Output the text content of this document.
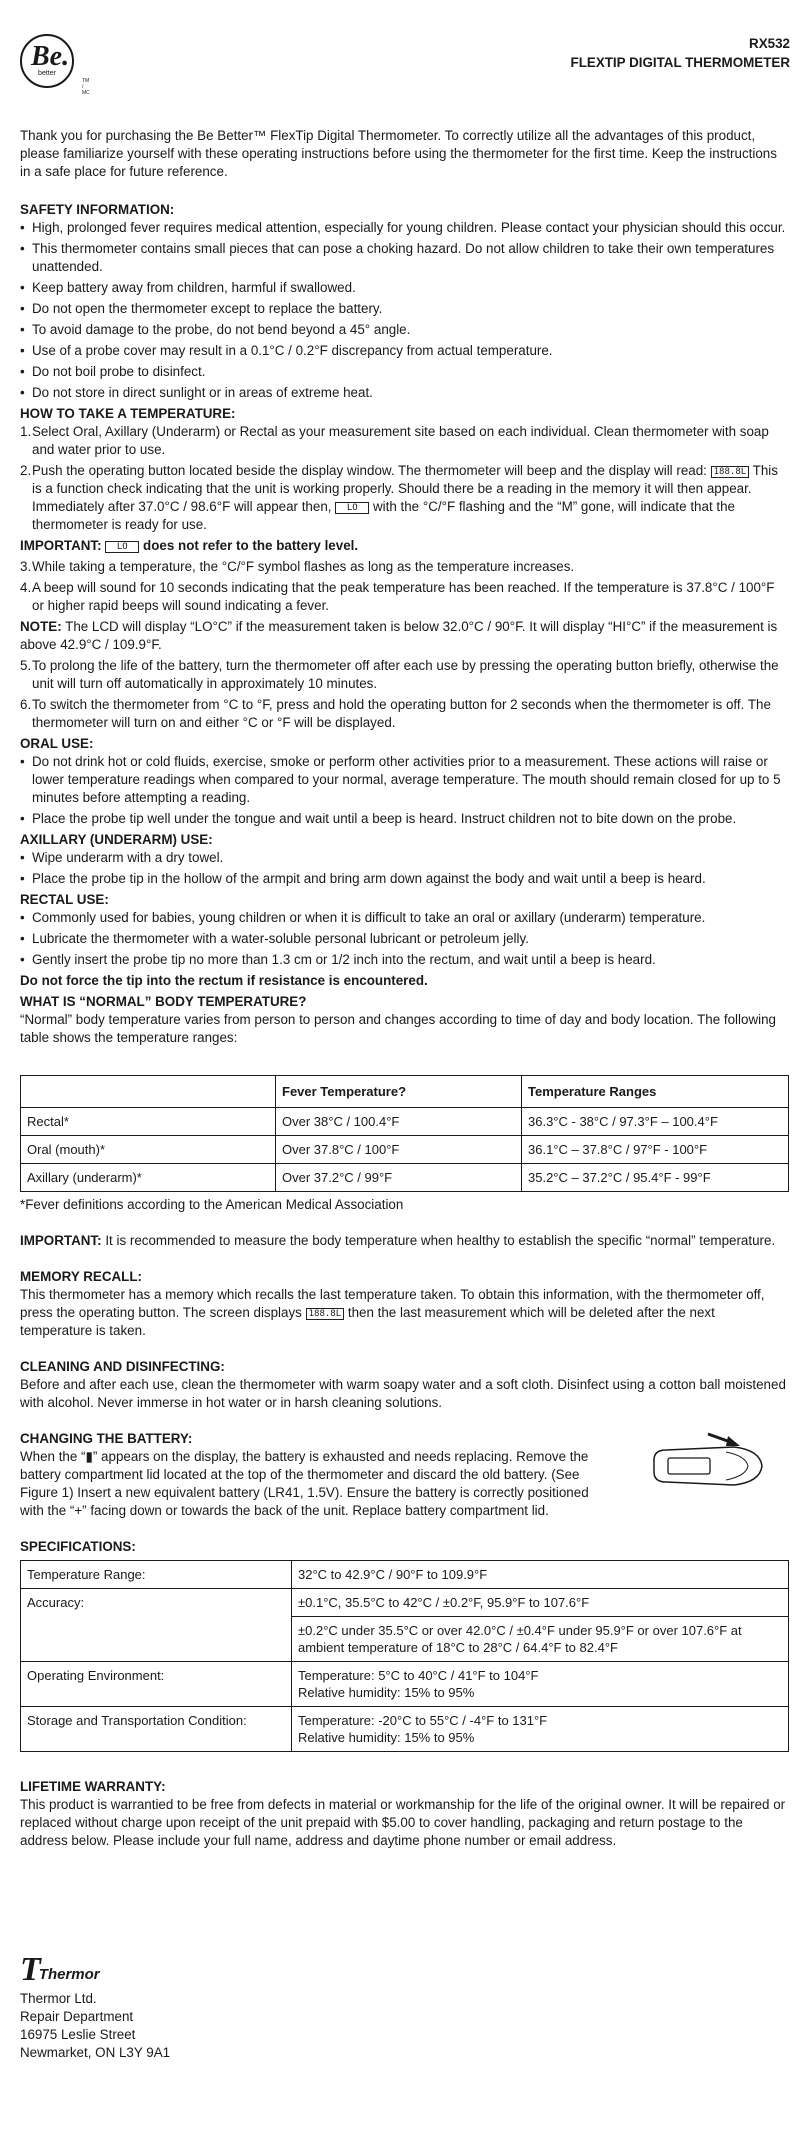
Be.
better
TM / MC
RX532
FLEXTIP DIGITAL THERMOMETER

Thank you for purchasing the Be Better™ FlexTip Digital Thermometer. To correctly utilize all the advantages of this product, please familiarize yourself with these operating instructions before using the thermometer for the first time. Keep the instructions in a safe place for future reference.

SAFETY INFORMATION:
• High, prolonged fever requires medical attention, especially for young children. Please contact your physician should this occur.
• This thermometer contains small pieces that can pose a choking hazard. Do not allow children to take their own temperatures unattended.
• Keep battery away from children, harmful if swallowed.
• Do not open the thermometer except to replace the battery.
• To avoid damage to the probe, do not bend beyond a 45° angle.
• Use of a probe cover may result in a 0.1°C / 0.2°F discrepancy from actual temperature.
• Do not boil probe to disinfect.
• Do not store in direct sunlight or in areas of extreme heat.
HOW TO TAKE A TEMPERATURE:
1. Select Oral, Axillary (Underarm) or Rectal as your measurement site based on each individual. Clean thermometer with soap and water prior to use.
2. Push the operating button located beside the display window. The thermometer will beep and the display will read: 188.8L This is a function check indicating that the unit is working properly. Should there be a reading in the memory it will then appear. Immediately after 37.0°C / 98.6°F will appear then, LO with the °C/°F flashing and the “M” gone, will indicate that the thermometer is ready for use.

IMPORTANT: LO does not refer to the battery level.

3. While taking a temperature, the °C/°F symbol flashes as long as the temperature increases.
4. A beep will sound for 10 seconds indicating that the peak temperature has been reached. If the temperature is 37.8°C / 100°F or higher rapid beeps will sound indicating a fever.

NOTE: The LCD will display “LO°C” if the measurement taken is below 32.0°C / 90°F. It will display “HI°C” if the measurement is above 42.9°C / 109.9°F.

5. To prolong the life of the battery, turn the thermometer off after each use by pressing the operating button briefly, otherwise the unit will turn off automatically in approximately 10 minutes.
6. To switch the thermometer from °C to °F, press and hold the operating button for 2 seconds when the thermometer is off. The thermometer will turn on and either °C or °F will be displayed.
ORAL USE:
• Do not drink hot or cold fluids, exercise, smoke or perform other activities prior to a measurement. These actions will raise or lower temperature readings when compared to your normal, average temperature. The mouth should remain closed for up to 5 minutes before attempting a reading.
• Place the probe tip well under the tongue and wait until a beep is heard. Instruct children not to bite down on the probe.
AXILLARY (UNDERARM) USE:
• Wipe underarm with a dry towel.
• Place the probe tip in the hollow of the armpit and bring arm down against the body and wait until a beep is heard.
RECTAL USE:
• Commonly used for babies, young children or when it is difficult to take an oral or axillary (underarm) temperature.
• Lubricate the thermometer with a water-soluble personal lubricant or petroleum jelly.
• Gently insert the probe tip no more than 1.3 cm or 1/2 inch into the rectum, and wait until a beep is heard.

Do not force the tip into the rectum if resistance is encountered.

WHAT IS “NORMAL” BODY TEMPERATURE?

“Normal” body temperature varies from person to person and changes according to time of day and body location. The following table shows the temperature ranges:

	Fever Temperature?	Temperature Ranges
Rectal*	Over 38°C / 100.4°F	36.3°C - 38°C / 97.3°F – 100.4°F
Oral (mouth)*	Over 37.8°C / 100°F	36.1°C – 37.8°C / 97°F - 100°F
Axillary (underarm)*	Over 37.2°C / 99°F	35.2°C – 37.2°C / 95.4°F - 99°F

*Fever definitions according to the American Medical Association

IMPORTANT: It is recommended to measure the body temperature when healthy to establish the specific “normal” temperature.

MEMORY RECALL:

This thermometer has a memory which recalls the last temperature taken. To obtain this information, with the thermometer off, press the operating button. The screen displays 188.8L then the last measurement which will be deleted after the next temperature is taken.

CLEANING AND DISINFECTING:

Before and after each use, clean the thermometer with warm soapy water and a soft cloth. Disinfect using a cotton ball moistened with alcohol. Never immerse in hot water or in harsh cleaning solutions.

CHANGING THE BATTERY:

When the “▮” appears on the display, the battery is exhausted and needs replacing. Remove the battery compartment lid located at the top of the thermometer and discard the old battery. (See Figure 1) Insert a new equivalent battery (LR41, 1.5V). Ensure the battery is correctly positioned with the “+” facing down or towards the back of the unit. Replace battery compartment lid.

SPECIFICATIONS:
Temperature Range:	32°C to 42.9°C / 90°F to 109.9°F
Accuracy:	±0.1°C, 35.5°C to 42°C / ±0.2°F, 95.9°F to 107.6°F
	±0.2°C under 35.5°C or over 42.0°C / ±0.4°F under 95.9°F or over 107.6°F at ambient temperature of 18°C to 28°C / 64.4°F to 82.4°F
Operating Environment:	Temperature: 5°C to 40°C / 41°F to 104°F
Relative humidity: 15% to 95%

Storage and Transportation Condition:	Temperature: -20°C to 55°C / -4°F to 131°F
Relative humidity: 15% to 95%
LIFETIME WARRANTY:

This product is warrantied to be free from defects in material or workmanship for the life of the original owner. It will be repaired or replaced without charge upon receipt of the unit prepaid with $5.00 to cover handling, packaging and return postage to the address below. Please include your full name, address and daytime phone number or email address.

T
Thermor
Thermor Ltd.
Repair Department
16975 Leslie Street
Newmarket, ON L3Y 9A1
